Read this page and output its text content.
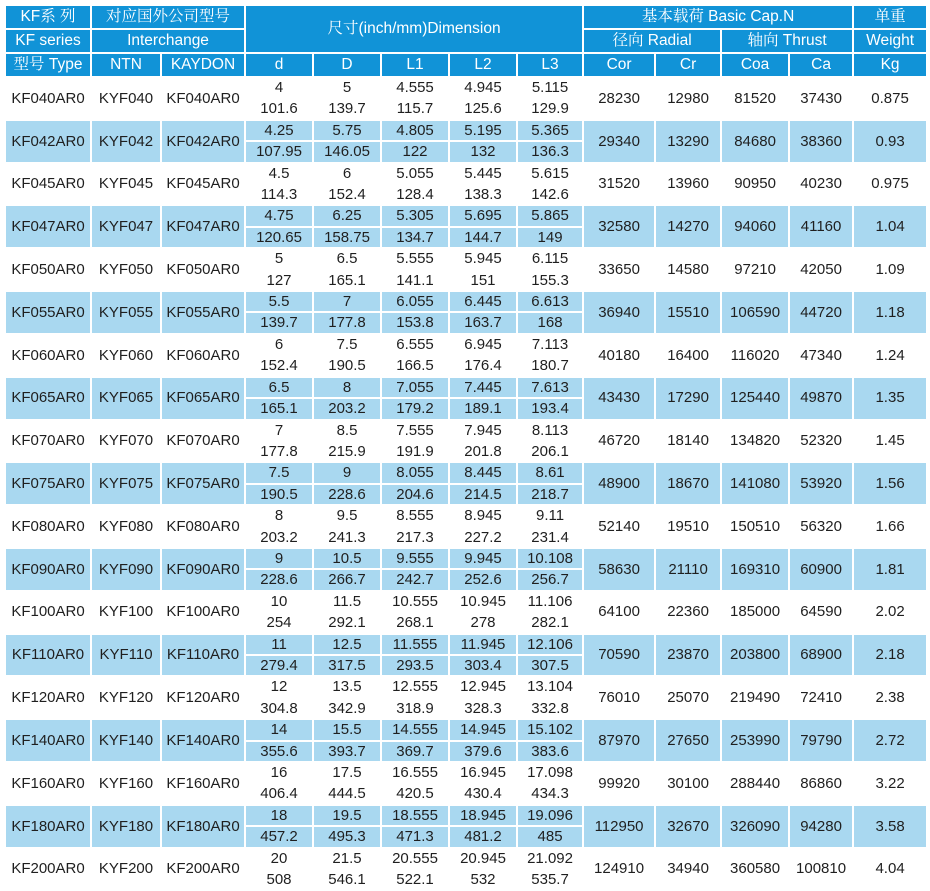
KF系 列	对应国外公司型号		尺寸(inch/mm)Dimension					基本载荷 Basic Cap.N				单重
KF series	Interchange							径向 Radial		轴向 Thrust		Weight
型号 Type	NTN	KAYDON	d	D	L1	L2	L3	Cor	Cr	Coa	Ca	Kg
KF040AR0	KYF040	KF040AR0	4	5	4.555	4.945	5.115	28230	12980	81520	37430	0.875
			101.6	139.7	115.7	125.6	129.9					
KF042AR0	KYF042	KF042AR0	4.25	5.75	4.805	5.195	5.365	29340	13290	84680	38360	0.93
			107.95	146.05	122	132	136.3					
KF045AR0	KYF045	KF045AR0	4.5	6	5.055	5.445	5.615	31520	13960	90950	40230	0.975
			114.3	152.4	128.4	138.3	142.6					
KF047AR0	KYF047	KF047AR0	4.75	6.25	5.305	5.695	5.865	32580	14270	94060	41160	1.04
			120.65	158.75	134.7	144.7	149					
KF050AR0	KYF050	KF050AR0	5	6.5	5.555	5.945	6.115	33650	14580	97210	42050	1.09
			127	165.1	141.1	151	155.3					
KF055AR0	KYF055	KF055AR0	5.5	7	6.055	6.445	6.613	36940	15510	106590	44720	1.18
			139.7	177.8	153.8	163.7	168					
KF060AR0	KYF060	KF060AR0	6	7.5	6.555	6.945	7.113	40180	16400	116020	47340	1.24
			152.4	190.5	166.5	176.4	180.7					
KF065AR0	KYF065	KF065AR0	6.5	8	7.055	7.445	7.613	43430	17290	125440	49870	1.35
			165.1	203.2	179.2	189.1	193.4					
KF070AR0	KYF070	KF070AR0	7	8.5	7.555	7.945	8.113	46720	18140	134820	52320	1.45
			177.8	215.9	191.9	201.8	206.1					
KF075AR0	KYF075	KF075AR0	7.5	9	8.055	8.445	8.61	48900	18670	141080	53920	1.56
			190.5	228.6	204.6	214.5	218.7					
KF080AR0	KYF080	KF080AR0	8	9.5	8.555	8.945	9.11	52140	19510	150510	56320	1.66
			203.2	241.3	217.3	227.2	231.4					
KF090AR0	KYF090	KF090AR0	9	10.5	9.555	9.945	10.108	58630	21110	169310	60900	1.81
			228.6	266.7	242.7	252.6	256.7					
KF100AR0	KYF100	KF100AR0	10	11.5	10.555	10.945	11.106	64100	22360	185000	64590	2.02
			254	292.1	268.1	278	282.1					
KF110AR0	KYF110	KF110AR0	11	12.5	11.555	11.945	12.106	70590	23870	203800	68900	2.18
			279.4	317.5	293.5	303.4	307.5					
KF120AR0	KYF120	KF120AR0	12	13.5	12.555	12.945	13.104	76010	25070	219490	72410	2.38
			304.8	342.9	318.9	328.3	332.8					
KF140AR0	KYF140	KF140AR0	14	15.5	14.555	14.945	15.102	87970	27650	253990	79790	2.72
			355.6	393.7	369.7	379.6	383.6					
KF160AR0	KYF160	KF160AR0	16	17.5	16.555	16.945	17.098	99920	30100	288440	86860	3.22
			406.4	444.5	420.5	430.4	434.3					
KF180AR0	KYF180	KF180AR0	18	19.5	18.555	18.945	19.096	112950	32670	326090	94280	3.58
			457.2	495.3	471.3	481.2	485					
KF200AR0	KYF200	KF200AR0	20	21.5	20.555	20.945	21.092	124910	34940	360580	100810	4.04
			508	546.1	522.1	532	535.7					
